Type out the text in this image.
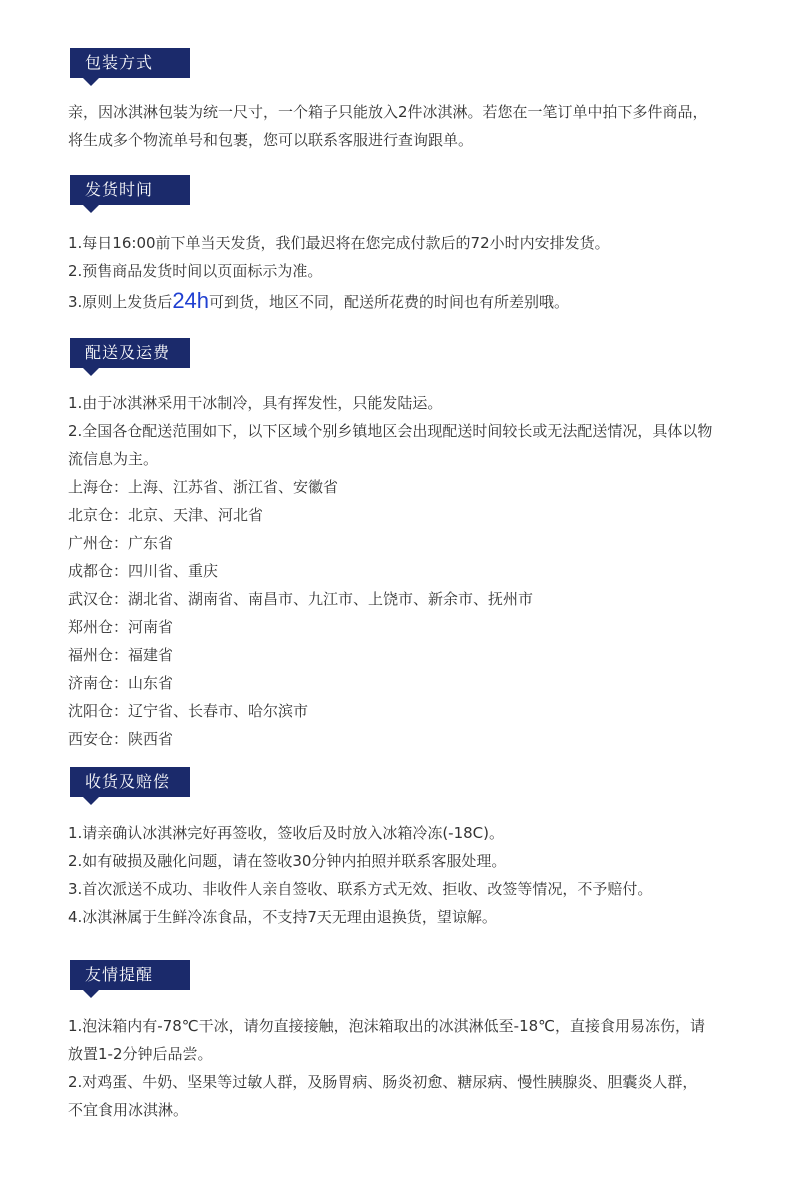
包装方式
亲，因冰淇淋包装为统一尺寸，一个箱子只能放入2件冰淇淋。若您在一笔订单中拍下多件商品，
将生成多个物流单号和包裹，您可以联系客服进行查询跟单。
发货时间
1.每日16:00前下单当天发货，我们最迟将在您完成付款后的72小时内安排发货。
2.预售商品发货时间以页面标示为准。
3.原则上发货后24h可到货，地区不同，配送所花费的时间也有所差别哦。
配送及运费
1.由于冰淇淋采用干冰制冷，具有挥发性，只能发陆运。
2.全国各仓配送范围如下，以下区域个别乡镇地区会出现配送时间较长或无法配送情况，具体以物
流信息为主。
上海仓：上海、江苏省、浙江省、安徽省
北京仓：北京、天津、河北省
广州仓：广东省
成都仓：四川省、重庆
武汉仓：湖北省、湖南省、南昌市、九江市、上饶市、新余市、抚州市
郑州仓：河南省
福州仓：福建省
济南仓：山东省
沈阳仓：辽宁省、长春市、哈尔滨市
西安仓：陕西省
收货及赔偿
1.请亲确认冰淇淋完好再签收，签收后及时放入冰箱冷冻(-18C)。
2.如有破损及融化问题，请在签收30分钟内拍照并联系客服处理。
3.首次派送不成功、非收件人亲自签收、联系方式无效、拒收、改签等情况，不予赔付。
4.冰淇淋属于生鲜冷冻食品，不支持7天无理由退换货，望谅解。
友情提醒
1.泡沫箱内有-78℃干冰，请勿直接接触，泡沫箱取出的冰淇淋低至-18℃，直接食用易冻伤，请
放置1-2分钟后品尝。
2.对鸡蛋、牛奶、坚果等过敏人群，及肠胃病、肠炎初愈、糖尿病、慢性胰腺炎、胆囊炎人群，
不宜食用冰淇淋。
